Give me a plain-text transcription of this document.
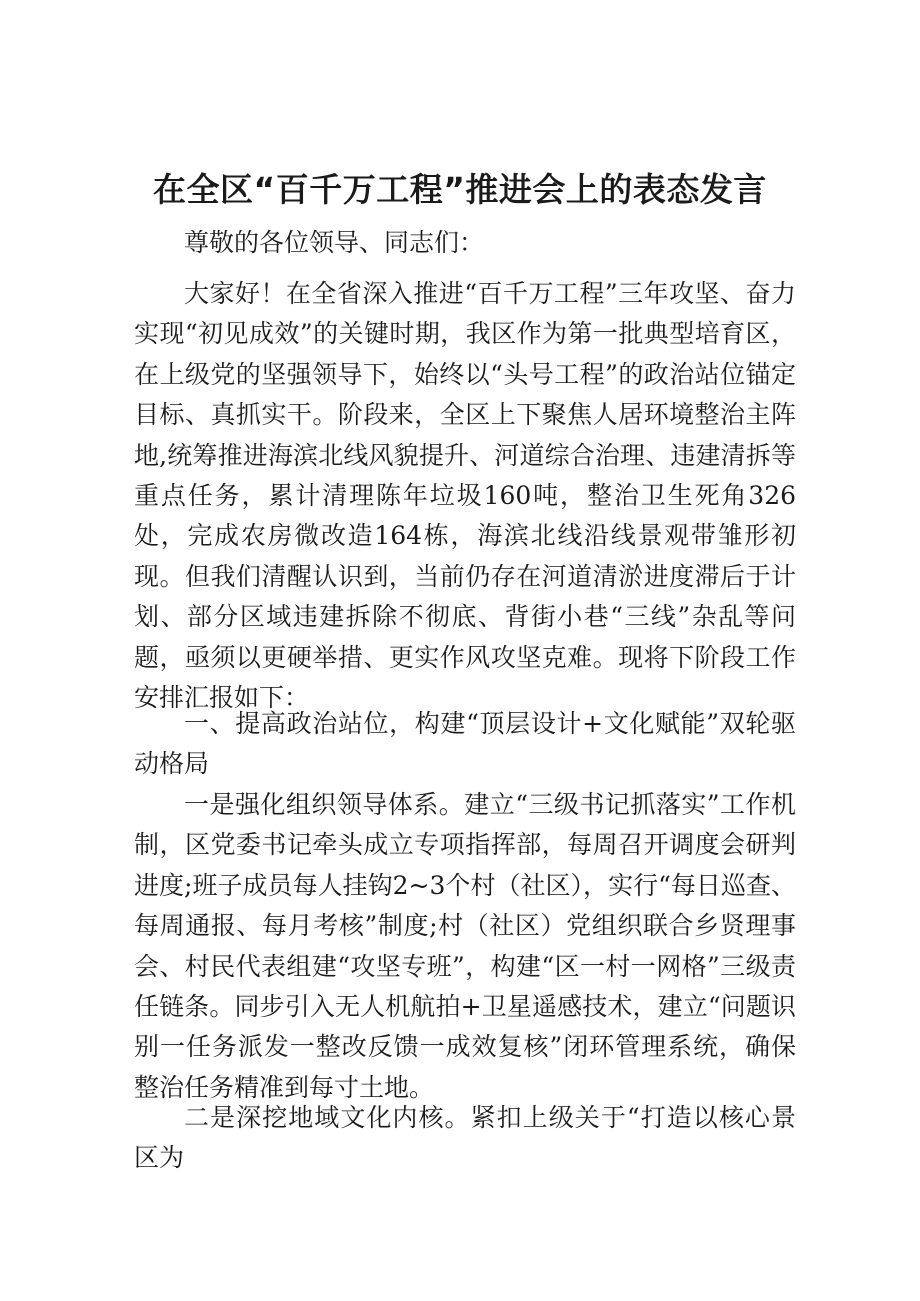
在全区“百千万工程”推进会上的表态发言

尊敬的各位领导、同志们：

大家好！在全省深入推进“百千万工程”三年攻坚、奋力实现“初见成效”的关键时期，我区作为第一批典型培育区，在上级党的坚强领导下，始终以“头号工程”的政治站位锚定目标、真抓实干。阶段来，全区上下聚焦人居环境整治主阵地,统筹推进海滨北线风貌提升、河道综合治理、违建清拆等重点任务，累计清理陈年垃圾160吨，整治卫生死角326处，完成农房微改造164栋，海滨北线沿线景观带雏形初现。但我们清醒认识到，当前仍存在河道清淤进度滞后于计划、部分区域违建拆除不彻底、背街小巷“三线”杂乱等问题，亟须以更硬举措、更实作风攻坚克难。现将下阶段工作安排汇报如下：

一、提高政治站位，构建“顶层设计+文化赋能”双轮驱动格局

一是强化组织领导体系。建立“三级书记抓落实”工作机制，区党委书记牵头成立专项指挥部，每周召开调度会研判进度;班子成员每人挂钩2~3个村（社区），实行“每日巡查、每周通报、每月考核”制度;村（社区）党组织联合乡贤理事会、村民代表组建“攻坚专班”，构建“区一村一网格”三级责任链条。同步引入无人机航拍+卫星遥感技术，建立“问题识别一任务派发一整改反馈一成效复核”闭环管理系统，确保整治任务精准到每寸土地。

二是深挖地域文化内核。紧扣上级关于“打造以核心景区为
